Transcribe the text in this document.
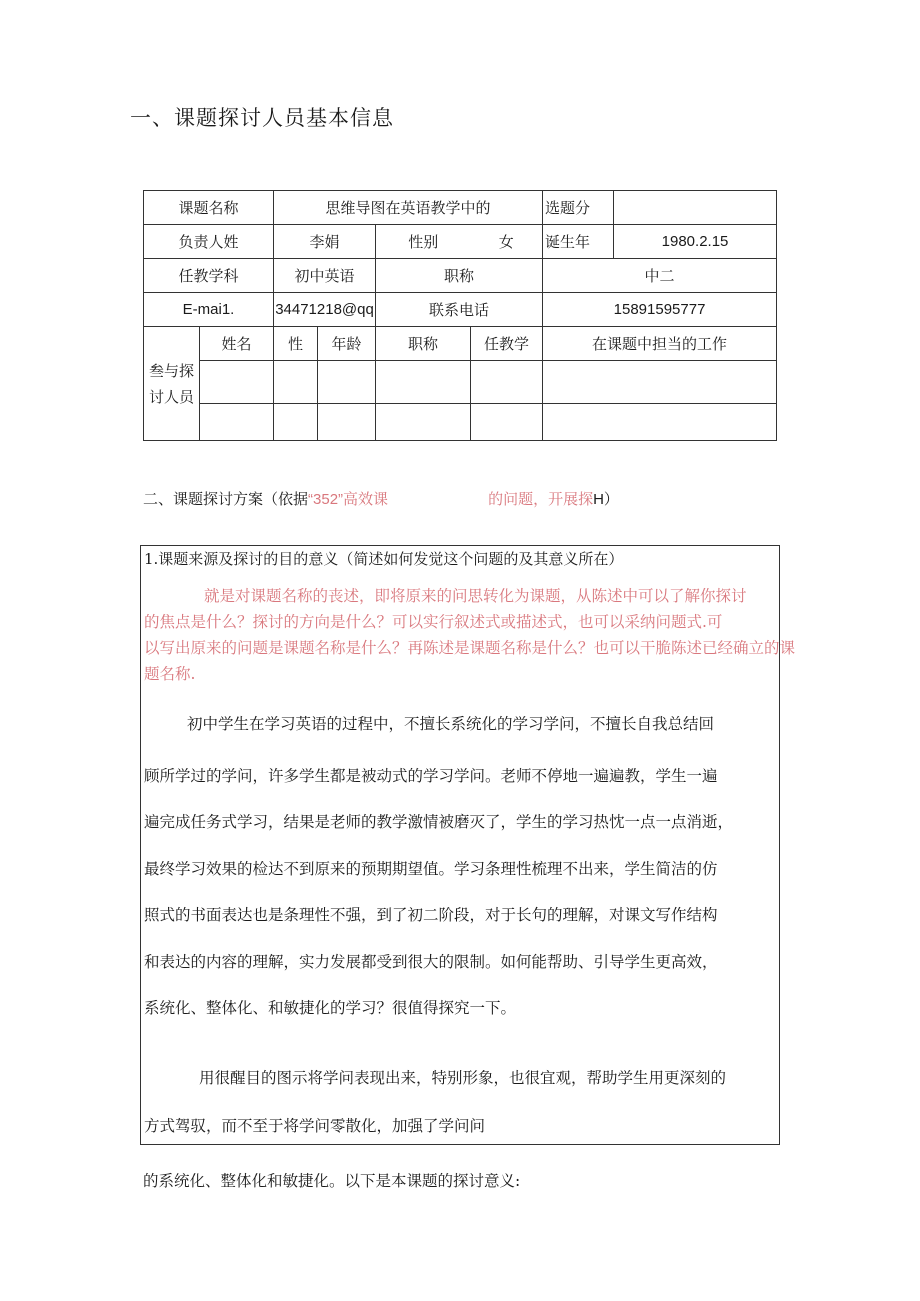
一、课题探讨人员基本信息
课题名称		思维导图在英语教学中的				选题分	
负责人姓		李娟		性别	女	诞生年	1980.2.15
任教学科		初中英语		职称		中二	
E-mai1.		34471218@qq		联系电话		15891595777	
叁与探讨人员	姓名	性	年龄	职称	任教学	在课题中担当的工作	

二、课题探讨方案（依据“352”高效课	的问题，开展探H）
1.课题来源及探讨的目的意义（简述如何发觉这个问题的及其意义所在）
就是对课题名称的丧述，即将原来的问思转化为课题，从陈述中可以了解你探讨
的焦点是什么？探讨的方向是什么？可以实行叙述式或描述式，也可以采纳问题式.可
以写出原来的问题是课题名称是什么？再陈述是课题名称是什么？也可以干脆陈述已经确立的课
题名称.
初中学生在学习英语的过程中，不擅长系统化的学习学问，不擅长自我总结回
顾所学过的学问，许多学生都是被动式的学习学问。老师不停地一遍遍教，学生一遍
遍完成任务式学习，结果是老师的教学激情被磨灭了，学生的学习热忱一点一点消逝，
最终学习效果的检达不到原来的预期期望值。学习条理性梳理不出来，学生简洁的仿
照式的书面表达也是条理性不强，到了初二阶段，对于长句的理解，对课文写作结构
和表达的内容的理解，实力发展都受到很大的限制。如何能帮助、引导学生更高效，
系统化、整体化、和敏捷化的学习？很值得探究一下。
用很醒目的图示将学问表现出来，特别形象，也很宜观，帮助学生用更深刻的
方式驾驭，而不至于将学问零散化，加强了学问问
的系统化、整体化和敏捷化。以下是本课题的探讨意义:
